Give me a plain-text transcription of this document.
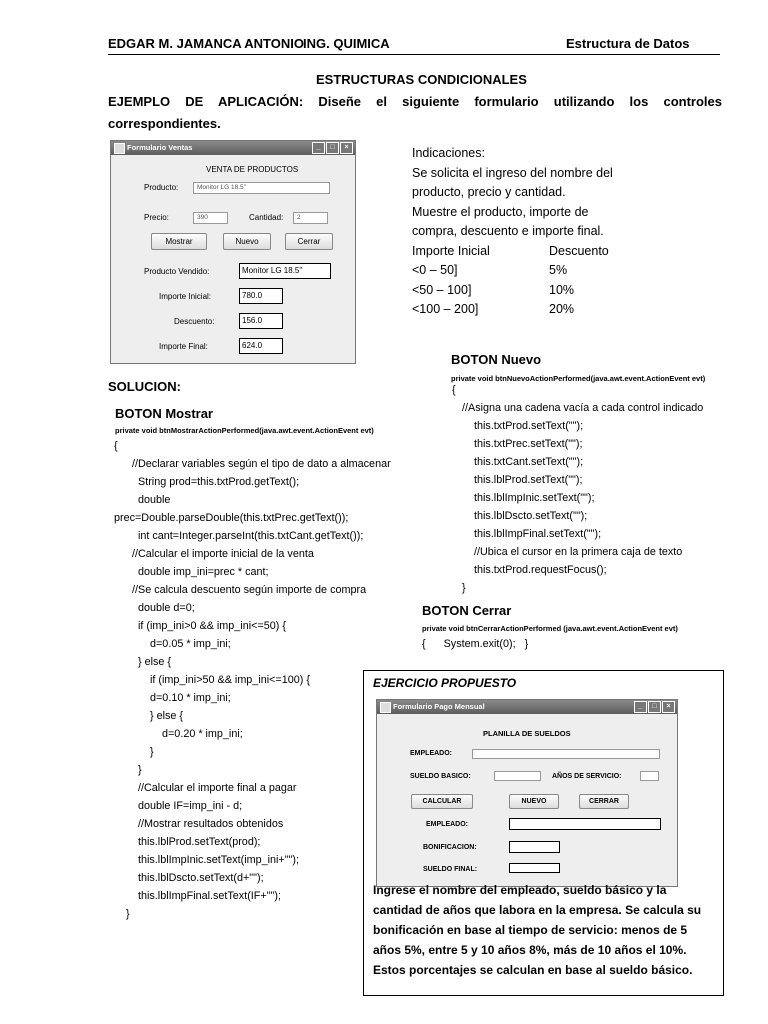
EDGAR M. JAMANCA ANTONIO ING. QUIMICA	Estructura de Datos
ESTRUCTURAS CONDICIONALES
EJEMPLO DE APLICACIÓN: Diseñe el siguiente formulario utilizando los controles
correspondientes.
Formulario Ventas	_	□	×
VENTA DE PRODUCTOS
Producto:	Monitor LG 18.5"
Precio:	390	Cantidad:	2
Mostrar	Nuevo	Cerrar
Producto Vendido:	Monitor LG 18.5"
Importe Inicial:	780.0
Descuento:	156.0
Importe Final:	624.0
Indicaciones:
Se solicita el ingreso del nombre del
producto, precio y cantidad.
Muestre el producto, importe de
compra, descuento e importe final.
Importe Inicial	Descuento
<0 – 50]	5%
<50 – 100]	10%
<100 – 200]	20%
SOLUCION:
BOTON Mostrar
private void btnMostrarActionPerformed(java.awt.event.ActionEvent evt)
{
//Declarar variables según el tipo de dato a almacenar
String prod=this.txtProd.getText();
double
prec=Double.parseDouble(this.txtPrec.getText());
int cant=Integer.parseInt(this.txtCant.getText());
//Calcular el importe inicial de la venta
double imp_ini=prec * cant;
//Se calcula descuento según importe de compra
double d=0;
if (imp_ini>0 && imp_ini<=50) {
d=0.05 * imp_ini;
} else {
if (imp_ini>50 && imp_ini<=100) {
d=0.10 * imp_ini;
} else {
d=0.20 * imp_ini;
}
}
//Calcular el importe final a pagar
double IF=imp_ini - d;
//Mostrar resultados obtenidos
this.lblProd.setText(prod);
this.lblImpInic.setText(imp_ini+"");
this.lblDscto.setText(d+"");
this.lblImpFinal.setText(IF+"");
}
BOTON Nuevo
private void btnNuevoActionPerformed(java.awt.event.ActionEvent evt)
{
//Asigna una cadena vacía a cada control indicado
this.txtProd.setText("");
this.txtPrec.setText("");
this.txtCant.setText("");
this.lblProd.setText("");
this.lblImpInic.setText("");
this.lblDscto.setText("");
this.lblImpFinal.setText("");
//Ubica el cursor en la primera caja de texto
this.txtProd.requestFocus();
}
BOTON Cerrar
private void btnCerrarActionPerformed (java.awt.event.ActionEvent evt)
{      System.exit(0);   }
EJERCICIO PROPUESTO
Formulario Pago Mensual	_	□	×
PLANILLA DE SUELDOS
EMPLEADO:
SUELDO BASICO:	AÑOS DE SERVICIO:
CALCULAR	NUEVO	CERRAR
EMPLEADO:
BONIFICACION:
SUELDO FINAL:
Ingrese el nombre del empleado, sueldo básico y la
cantidad de años que labora en la empresa. Se calcula su
bonificación en base al tiempo de servicio: menos de 5
años 5%, entre 5 y 10 años 8%, más de 10 años el 10%.
Estos porcentajes se calculan en base al sueldo básico.
